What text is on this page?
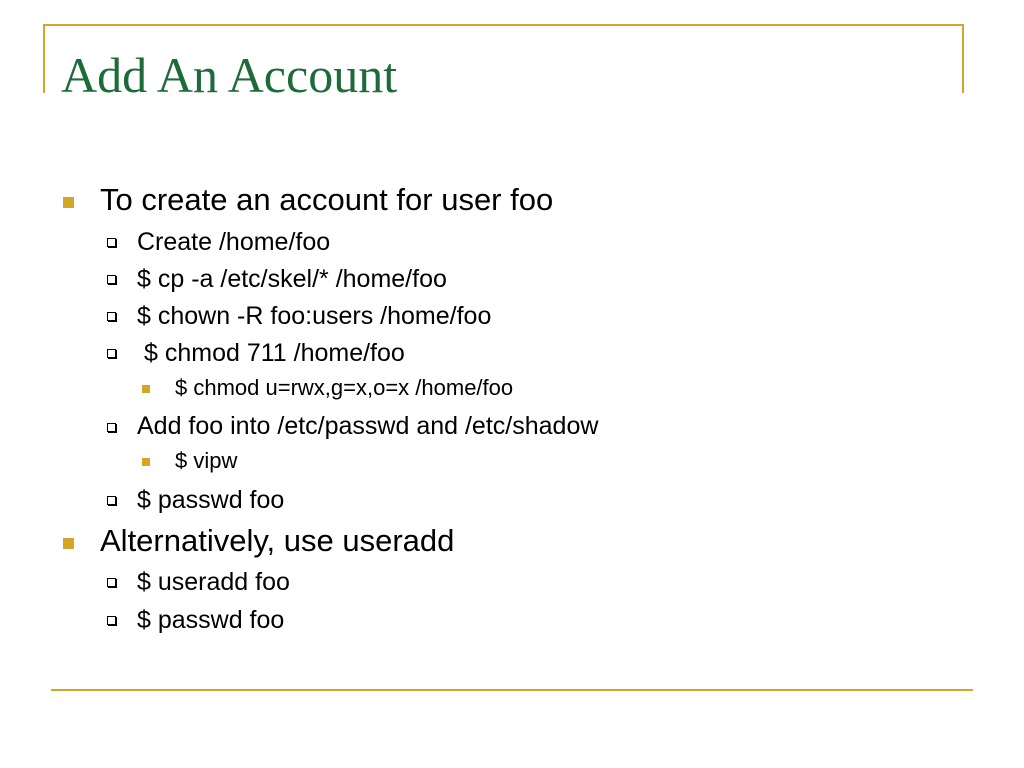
Add An Account
To create an account for user foo
Create /home/foo
$ cp -a /etc/skel/* /home/foo
$ chown -R foo:users /home/foo
$ chmod 711 /home/foo
$ chmod u=rwx,g=x,o=x /home/foo
Add foo into /etc/passwd and /etc/shadow
$ vipw
$ passwd foo
Alternatively, use useradd
$ useradd foo
$ passwd foo
